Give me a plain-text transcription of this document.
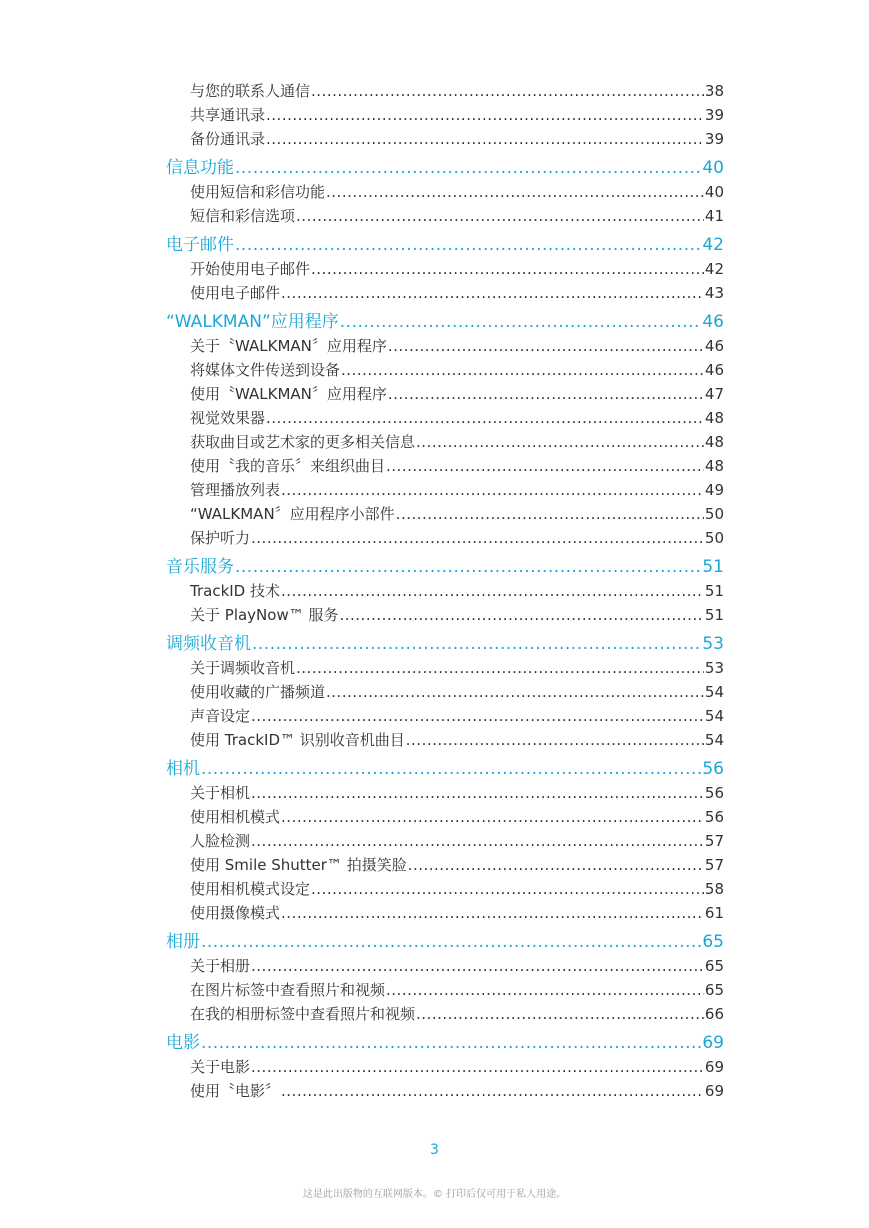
与您的联系人通信 .....	38
共享通讯录 .....	39
备份通讯录 .....	39
信息功能 .....	40
使用短信和彩信功能 .....	40
短信和彩信选项 .....	41
电子邮件 .....	42
开始使用电子邮件 .....	42
使用电子邮件 .....	43
“WALKMAN”应用程序 .....	46
关于〝WALKMAN〞应用程序 .....	46
将媒体文件传送到设备 .....	46
使用〝WALKMAN〞应用程序 .....	47
视觉效果器 .....	48
获取曲目或艺术家的更多相关信息 .....	48
使用〝我的音乐〞来组织曲目 .....	48
管理播放列表 .....	49
“WALKMAN〞应用程序小部件 .....	50
保护听力 .....	50
音乐服务 .....	51
TrackID 技术 .....	51
关于 PlayNow™ 服务 .....	51
调频收音机 .....	53
关于调频收音机 .....	53
使用收藏的广播频道 .....	54
声音设定 .....	54
使用 TrackID™ 识别收音机曲目 .....	54
相机 .....	56
关于相机 .....	56
使用相机模式 .....	56
人脸检测 .....	57
使用 Smile Shutter™ 拍摄笑脸 .....	57
使用相机模式设定 .....	58
使用摄像模式 .....	61
相册 .....	65
关于相册 .....	65
在图片标签中查看照片和视频 .....	65
在我的相册标签中查看照片和视频 .....	66
电影 .....	69
关于电影 .....	69
使用〝电影〞 .....	69
3
这是此出版物的互联网版本。© 打印后仅可用于私人用途。
